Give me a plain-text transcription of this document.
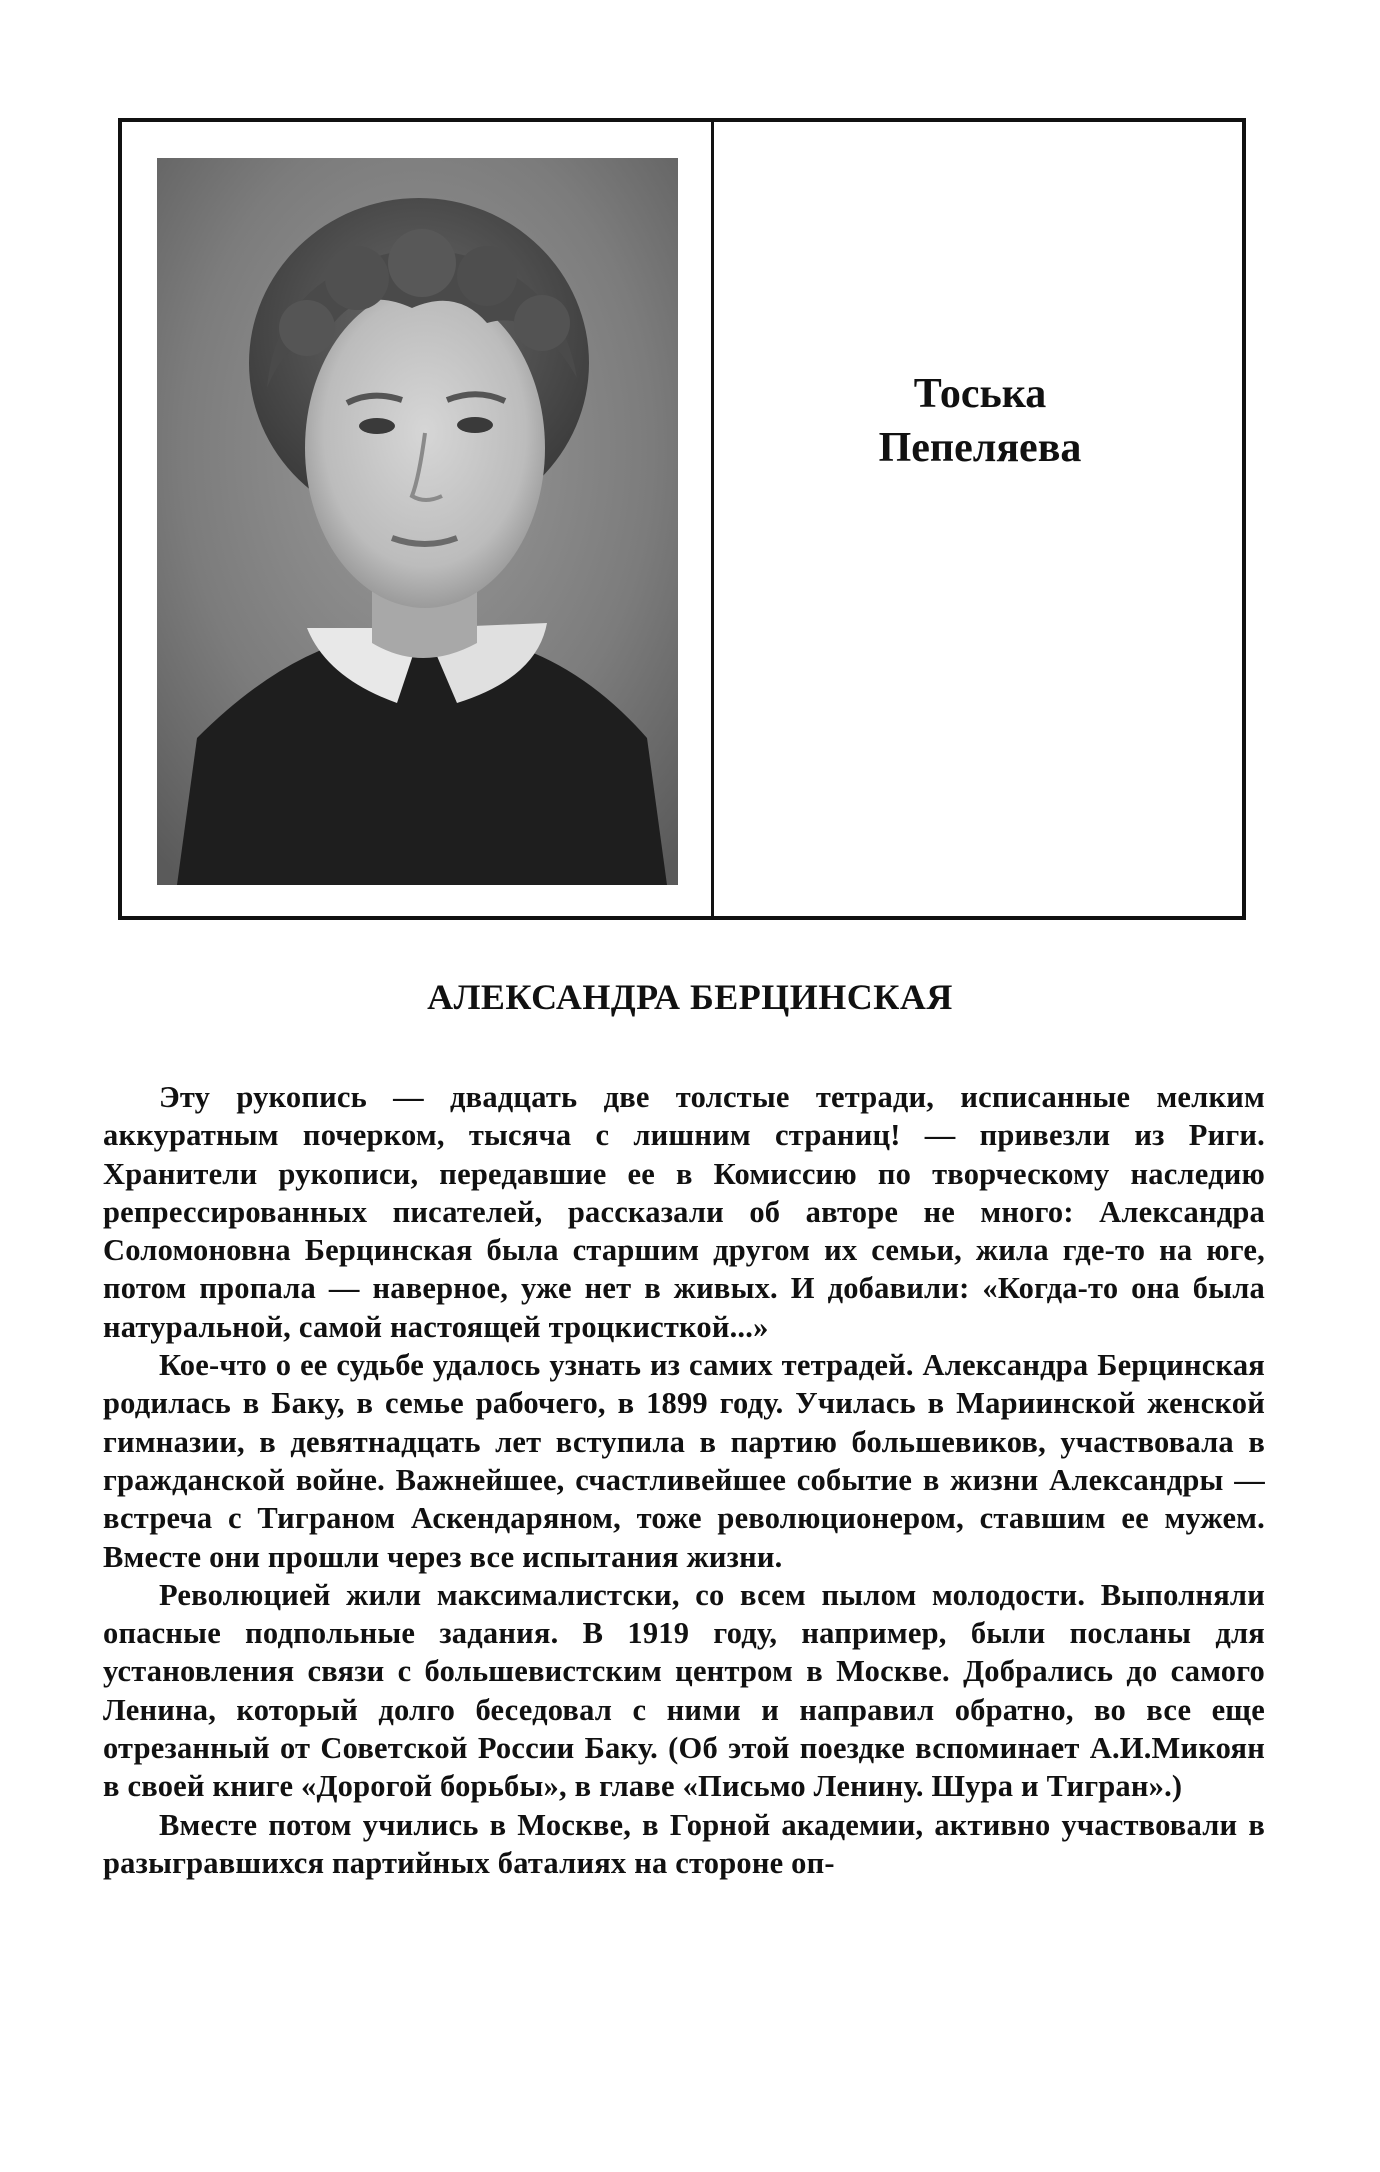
Тоська
Пепеляева
АЛЕКСАНДРА БЕРЦИНСКАЯ

Эту рукопись — двадцать две толстые тетради, исписанные мелким аккуратным почерком, тысяча с лишним страниц! — привезли из Риги. Хранители рукописи, передавшие ее в Комиссию по творческому наследию репрессированных писателей, рассказали об авторе не много: Александра Соломоновна Берцинская была старшим другом их семьи, жила где-то на юге, потом пропала — наверное, уже нет в живых. И добавили: «Когда-то она была натуральной, самой настоящей троцкисткой...»

Кое-что о ее судьбе удалось узнать из самих тетрадей. Александра Берцинская родилась в Баку, в семье рабочего, в 1899 году. Училась в Мариинской женской гимназии, в девятнадцать лет вступила в партию большевиков, участвовала в гражданской войне. Важнейшее, счастливейшее событие в жизни Александры — встреча с Тиграном Аскендаряном, тоже революционером, ставшим ее мужем. Вместе они прошли через все испытания жизни.

Революцией жили максималистски, со всем пылом молодости. Выполняли опасные подпольные задания. В 1919 году, например, были посланы для установления связи с большевистским центром в Москве. Добрались до самого Ленина, который долго беседовал с ними и направил обратно, во все еще отрезанный от Советской России Баку. (Об этой поездке вспоминает А.И.Микоян в своей книге «Дорогой борьбы», в главе «Письмо Ленину. Шура и Тигран».)

Вместе потом учились в Москве, в Горной академии, активно участвовали в разыгравшихся партийных баталиях на стороне оп-
